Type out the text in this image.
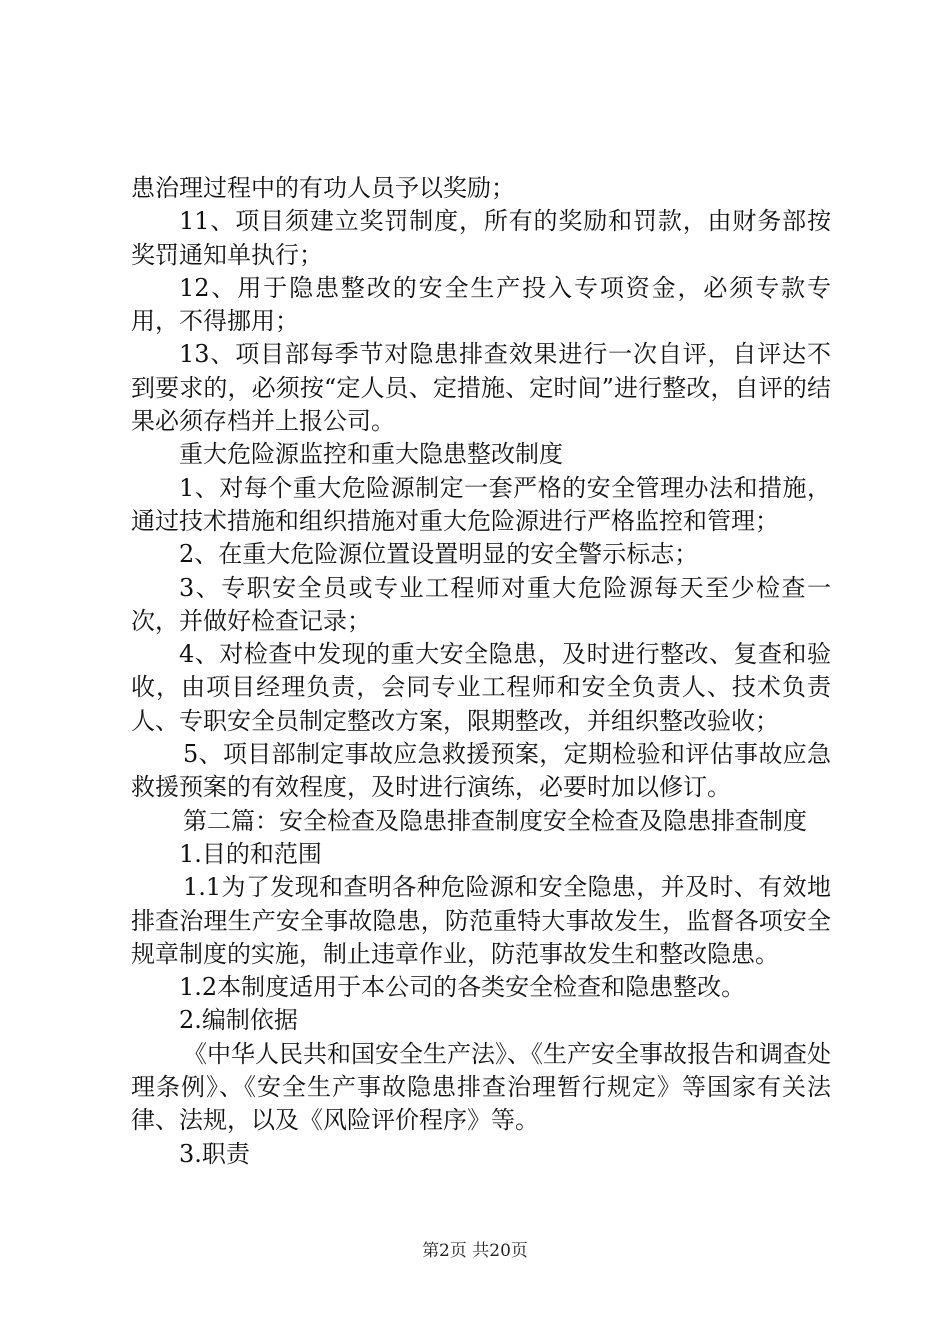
患治理过程中的有功人员予以奖励；

11、项目须建立奖罚制度，所有的奖励和罚款，由财务部按奖罚通知单执行；

12、用于隐患整改的安全生产投入专项资金，必须专款专用，不得挪用；

13、项目部每季节对隐患排查效果进行一次自评，自评达不到要求的，必须按“定人员、定措施、定时间”进行整改，自评的结果必须存档并上报公司。

重大危险源监控和重大隐患整改制度

1、对每个重大危险源制定一套严格的安全管理办法和措施，通过技术措施和组织措施对重大危险源进行严格监控和管理；

2、在重大危险源位置设置明显的安全警示标志；

3、专职安全员或专业工程师对重大危险源每天至少检查一次，并做好检查记录；

4、对检查中发现的重大安全隐患，及时进行整改、复查和验收，由项目经理负责，会同专业工程师和安全负责人、技术负责人、专职安全员制定整改方案，限期整改，并组织整改验收；

5、项目部制定事故应急救援预案，定期检验和评估事故应急救援预案的有效程度，及时进行演练，必要时加以修订。

第二篇：安全检查及隐患排查制度安全检查及隐患排查制度

1.目的和范围

1.1为了发现和查明各种危险源和安全隐患，并及时、有效地排查治理生产安全事故隐患，防范重特大事故发生，监督各项安全规章制度的实施，制止违章作业，防范事故发生和整改隐患。

1.2本制度适用于本公司的各类安全检查和隐患整改。

2.编制依据

《中华人民共和国安全生产法》、《生产安全事故报告和调查处理条例》、《安全生产事故隐患排查治理暂行规定》等国家有关法律、法规，以及《风险评价程序》等。

3.职责

第2页 共20页
